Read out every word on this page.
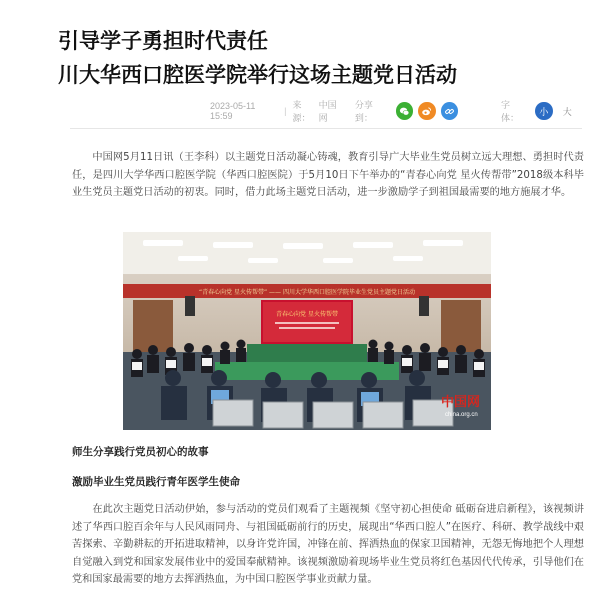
引导学子勇担时代责任
川大华西口腔医学院举行这场主题党日活动
2023-05-11 15:59	|
来源：
中国网
分享到：
字体：
小	大

中国网5月11日讯（王李科）以主题党日活动凝心铸魂，教育引导广大毕业生党员树立远大理想、勇担时代责任，是四川大学华西口腔医学院（华西口腔医院）于5月10日下午举办的“青春心向党 星火传帮带”2018级本科毕业生党员主题党日活动的初衷。同时，借力此场主题党日活动，进一步激励学子到祖国最需要的地方施展才华。

“青春心向党 星火传帮带” —— 四川大学华西口腔医学院毕业生党员主题党日活动
青春心向党 星火传帮带
中国网
china.org.cn
师生分享践行党员初心的故事
激励毕业生党员践行青年医学生使命

在此次主题党日活动伊始，参与活动的党员们观看了主题视频《坚守初心担使命 砥砺奋进启新程》，该视频讲述了华西口腔百余年与人民风雨同舟、与祖国砥砺前行的历史，展现出“华西口腔人”在医疗、科研、教学战线中艰苦探索、辛勤耕耘的开拓进取精神，以身许党许国，冲锋在前、挥洒热血的保家卫国精神，无怨无悔地把个人理想自觉融入到党和国家发展伟业中的爱国奉献精神。该视频激励着现场毕业生党员将红色基因代代传承，引导他们在党和国家最需要的地方去挥洒热血，为中国口腔医学事业贡献力量。
